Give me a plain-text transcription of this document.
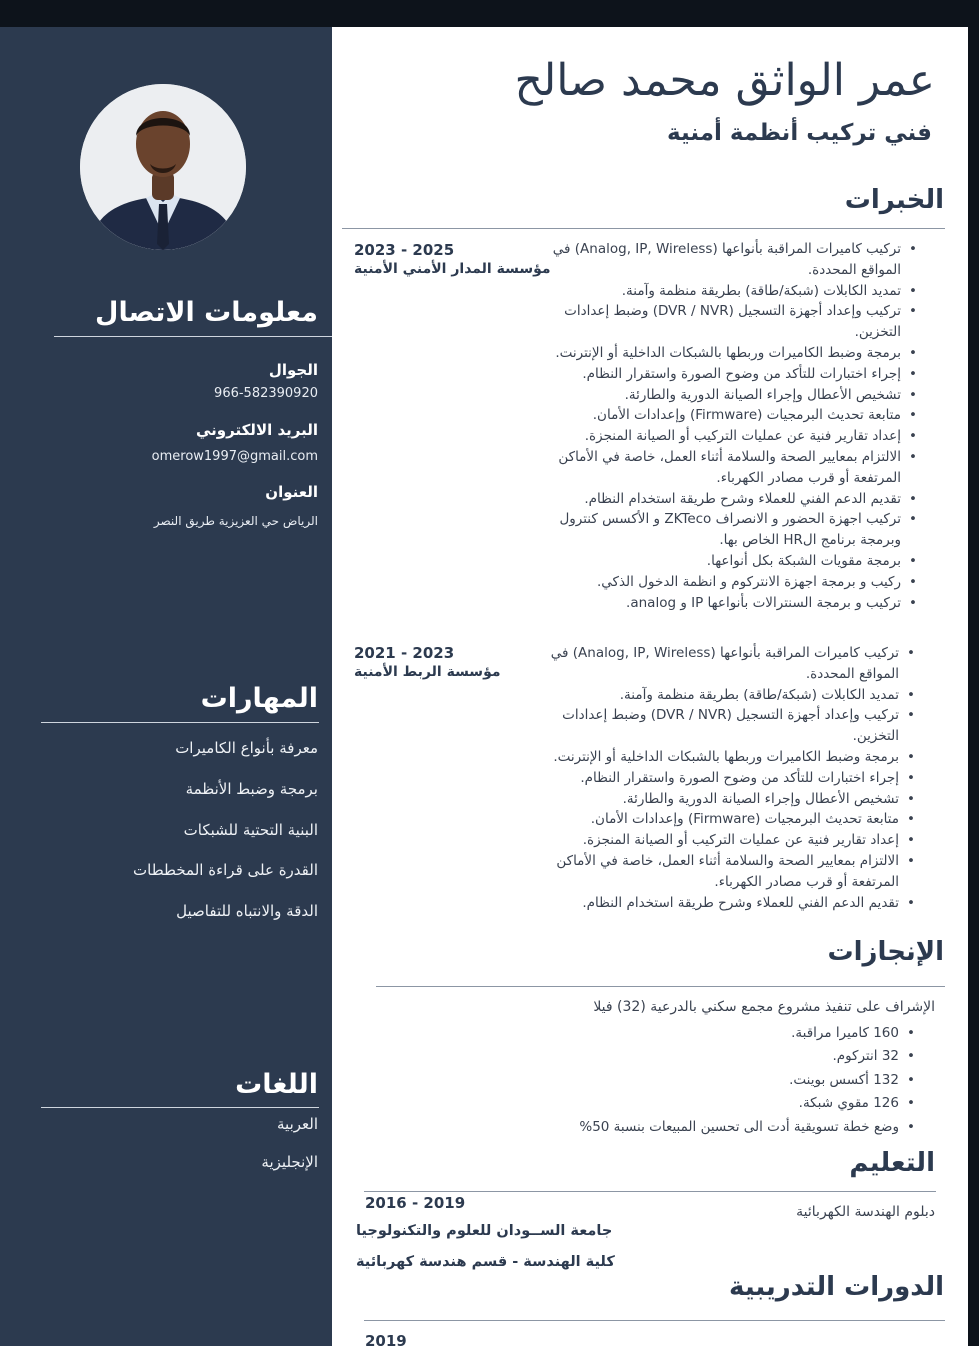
معلومات الاتصال
الجوال
966-582390920
البريد الالكتروني
omerow1997@gmail.com
العنوان
الرياض حي العزيزية طريق النصر
المهارات
معرفة بأنواع الكاميرات
برمجة وضبط الأنظمة
البنية التحتية للشبكات
القدرة على قراءة المخططات
الدقة والانتباه للتفاصيل
اللغات
العربية
الإنجليزية
عمر الواثق محمد صالح
فني تركيب أنظمة أمنية
الخبرات
2023 - 2025
مؤسسة المدار الأمني الأمنية
• تركيب كاميرات المراقبة بأنواعها (Analog, IP, Wireless) في المواقع المحددة.
• تمديد الكابلات (شبكة/طاقة) بطريقة منظمة وآمنة.
• تركيب وإعداد أجهزة التسجيل (DVR / NVR) وضبط إعدادات التخزين.
• برمجة وضبط الكاميرات وربطها بالشبكات الداخلية أو الإنترنت.
• إجراء اختبارات للتأكد من وضوح الصورة واستقرار النظام.
• تشخيص الأعطال وإجراء الصيانة الدورية والطارئة.
• متابعة تحديث البرمجيات (Firmware) وإعدادات الأمان.
• إعداد تقارير فنية عن عمليات التركيب أو الصيانة المنجزة.
• الالتزام بمعايير الصحة والسلامة أثناء العمل، خاصة في الأماكن المرتفعة أو قرب مصادر الكهرباء.
• تقديم الدعم الفني للعملاء وشرح طريقة استخدام النظام.
• تركيب اجهزة الحضور و الانصراف ZKTeco و الأكسس كنترول وبرمجة برنامج الHR الخاص بها.
• برمجة مقويات الشبكة بكل أنواعها.
• ركيب و برمجة اجهزة الانتركوم و انظمة الدخول الذكي.
• تركيب و برمجة السنترالات بأنواعها IP و analog.
2021 - 2023
مؤسسة الربط الأمنية
• تركيب كاميرات المراقبة بأنواعها (Analog, IP, Wireless) في المواقع المحددة.
• تمديد الكابلات (شبكة/طاقة) بطريقة منظمة وآمنة.
• تركيب وإعداد أجهزة التسجيل (DVR / NVR) وضبط إعدادات التخزين.
• برمجة وضبط الكاميرات وربطها بالشبكات الداخلية أو الإنترنت.
• إجراء اختبارات للتأكد من وضوح الصورة واستقرار النظام.
• تشخيص الأعطال وإجراء الصيانة الدورية والطارئة.
• متابعة تحديث البرمجيات (Firmware) وإعدادات الأمان.
• إعداد تقارير فنية عن عمليات التركيب أو الصيانة المنجزة.
• الالتزام بمعايير الصحة والسلامة أثناء العمل، خاصة في الأماكن المرتفعة أو قرب مصادر الكهرباء.
• تقديم الدعم الفني للعملاء وشرح طريقة استخدام النظام.
الإنجازات
الإشراف على تنفيذ مشروع مجمع سكني بالدرعية (32) فيلا
• 160 كاميرا مراقبة.
• 32 انتركوم.
• 132 أكسس بوينت.
• 126 مقوي شبكة.
• وضع خطة تسويقية أدت الى تحسين المبيعات بنسبة 50%
التعليم
دبلوم الهندسة الكهربائية
2016 - 2019
جامعة الســودان للعلوم والتكنولوجيا
كلية الهندسة - قسم هندسة كهربائية
الدورات التدريبية
2019
